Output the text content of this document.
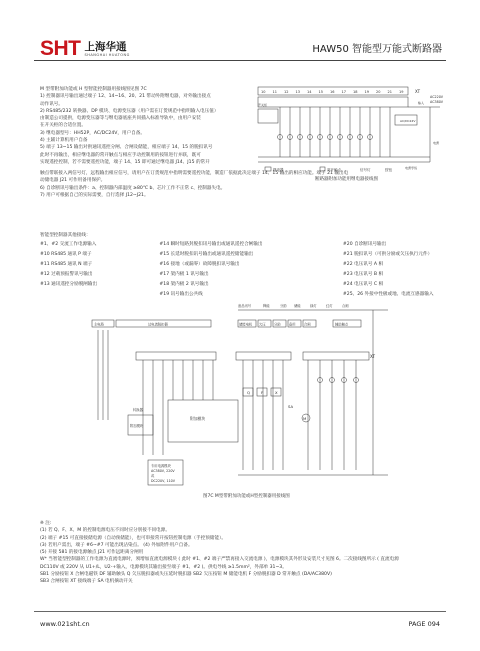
SHT 上海华通
SHANGHAI HUATONG	HAW50 智能型万能式断路器
M 型带附加功能或 H 型智能控制器用接线图见图 7C
1) 控制器讯号输出通过端子 12、14~16、20、21 带动外附继电器，对外输出接点
动作讯号。
2) RS485/232 转换器、DP 模块、电源变压器（用户需在订货规范中指明输入电压值）
由制造公司提供，电源变压器等与继电器底座共同插入标准导轨中，由用户安装
在开关柜的合适位置。
3) 继电器型号：HH52P，AC/DC24V，用户自备。
4) 主辅计算机用户自备
5) 端子 13~15 输出对供通讯遥控分闸、合闸及储能，相应端子 14、15 的脱扣讯号
此时不再输出，相应继电器的常开触点与相应手动控制用的按钮进行并联，既可
实现遥控控制，若不需要遥控功能，端子 14、15 即可通过继电器 J14、J15 的常开
10 11 12 13 14 15 16 17 18 19 20 21 19	XT
AC/DC24V
输入
AC220V
AC380V
开关柜
电源
电源零线
继电器	常开触点	信号灯	按钮
断路器附加功能用继电器接线图
触点带联接入两信号灯，远程输出相应信号，请用户在订货规范中指明需要遥控功能，制造厂依据此决定端子 14、15 输出的相应功能。端子 21 输出电
动储电器 J21 可作用备用保护。
6) 自诊断讯号输出条件：a、控制器内部温度 ≥80℃ b、芯片工作不正常 c、控制器失电。
7) 用户可根据自己的实际需要，自行选择 J12~J21。
智能型控制器其他接线：
#1、#2 交流工作电源输入	#14 瞬时短路封脱扣讯号输出或通讯遥控合闸输出	#20 自诊断讯号输出
#10 RS485 通讯 P 端子	#15 长延时脱扣讯号输出或通讯遥控储能输出	#21 脱扣讯号（可供分励或欠压执行元件）
#11 RS485 通讯 N 端子	#16 接地（或漏零）故障脱扣讯号输出	#22 电压讯号 A 相
#12 过载预报警讯号输出	#17 架内极 1 讯号输出	#23 电压讯号 B 相
#13 通讯遥控分励脱闸输出	#18 架内极 2 讯号输出	#24 电压讯号 C 相
#19 讯号输出公共线	#25、26 外接中性极或地、电流互感器输入
主电路	过电流脱扣器	储能电机 欠压	分励	备用	合闸	辅助触点
备品讯号	释能	分励 储能	绿灯	红灯	合闸
XT
附加模块
附加模块
Q	F	X
M
SA
转换器
专用电源模块
AC380V, 220V
或
DC220V, 110V
图7C M型带附加功能或H型控制器用接线图
※ 注:
(1) 若 Q、F、X、M 的控制电源电压不同时应分别接不同电源。
(2) 端子 #15 可直接接储电源（自动预储能），也可串接常开按钮控制电源（手控预储能）。
(3) 若用户需出，端子 #6~#7 可能出现沾染点。 (4) 外加附件用户自备。
(5) 开接 581 的接电源触点 J21 可作远距离分闸用
W* 当智能型控制器的工作电源为直流电源时，须增加直流电源模块 ( 此时 #1、#2 端子严禁再接入交流电源 )，电源模块其外形及安装尺寸见图 6。二次接线图所示 ( 直流电源
DC110V 或 220V 从 U1+/L，U2-+输入，电源模块其输出接至端子 #1、#2 )。供电导线 ≥1.5mm²，外部单 31~3。
SB1 分励按钮 X 合闸电磁铁 DF 辅助触头 Q 欠压脱扣器或失压延时脱扣器 SB2 欠压按钮 M 储能电机 F 分励脱扣器 D 常开触点 (DA/AC380V)
SB3 合闸按钮 XT 接线端子 SA 电机摘动开关
www.021sht.cn	PAGE 094
